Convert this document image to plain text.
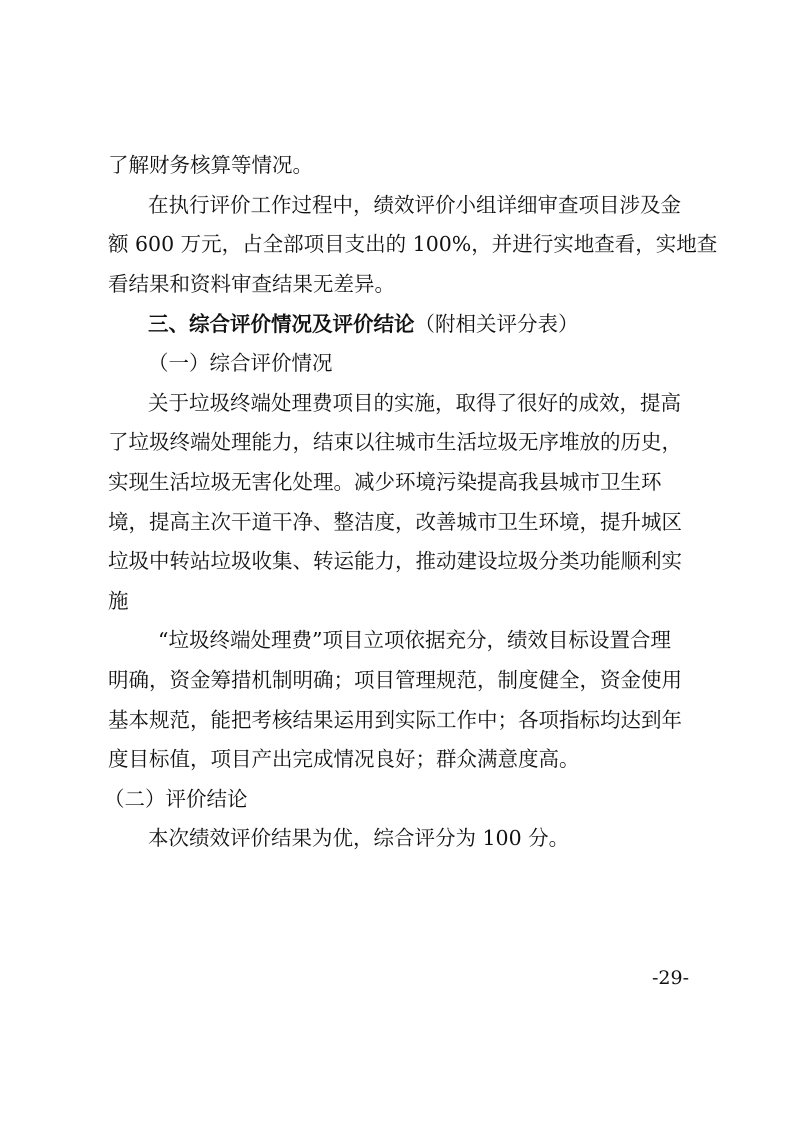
了解财务核算等情况。
在执行评价工作过程中，绩效评价小组详细审查项目涉及金
额 600 万元，占全部项目支出的 100%，并进行实地查看，实地查
看结果和资料审查结果无差异。
三、综合评价情况及评价结论（附相关评分表）
（一）综合评价情况
关于垃圾终端处理费项目的实施，取得了很好的成效，提高
了垃圾终端处理能力，结束以往城市生活垃圾无序堆放的历史，
实现生活垃圾无害化处理。减少环境污染提高我县城市卫生环
境，提高主次干道干净、整洁度，改善城市卫生环境，提升城区
垃圾中转站垃圾收集、转运能力，推动建设垃圾分类功能顺利实
施
“垃圾终端处理费”项目立项依据充分，绩效目标设置合理
明确，资金筹措机制明确；项目管理规范，制度健全，资金使用
基本规范，能把考核结果运用到实际工作中；各项指标均达到年
度目标值，项目产出完成情况良好；群众满意度高。
（二）评价结论
本次绩效评价结果为优，综合评分为 100 分。
-29-
